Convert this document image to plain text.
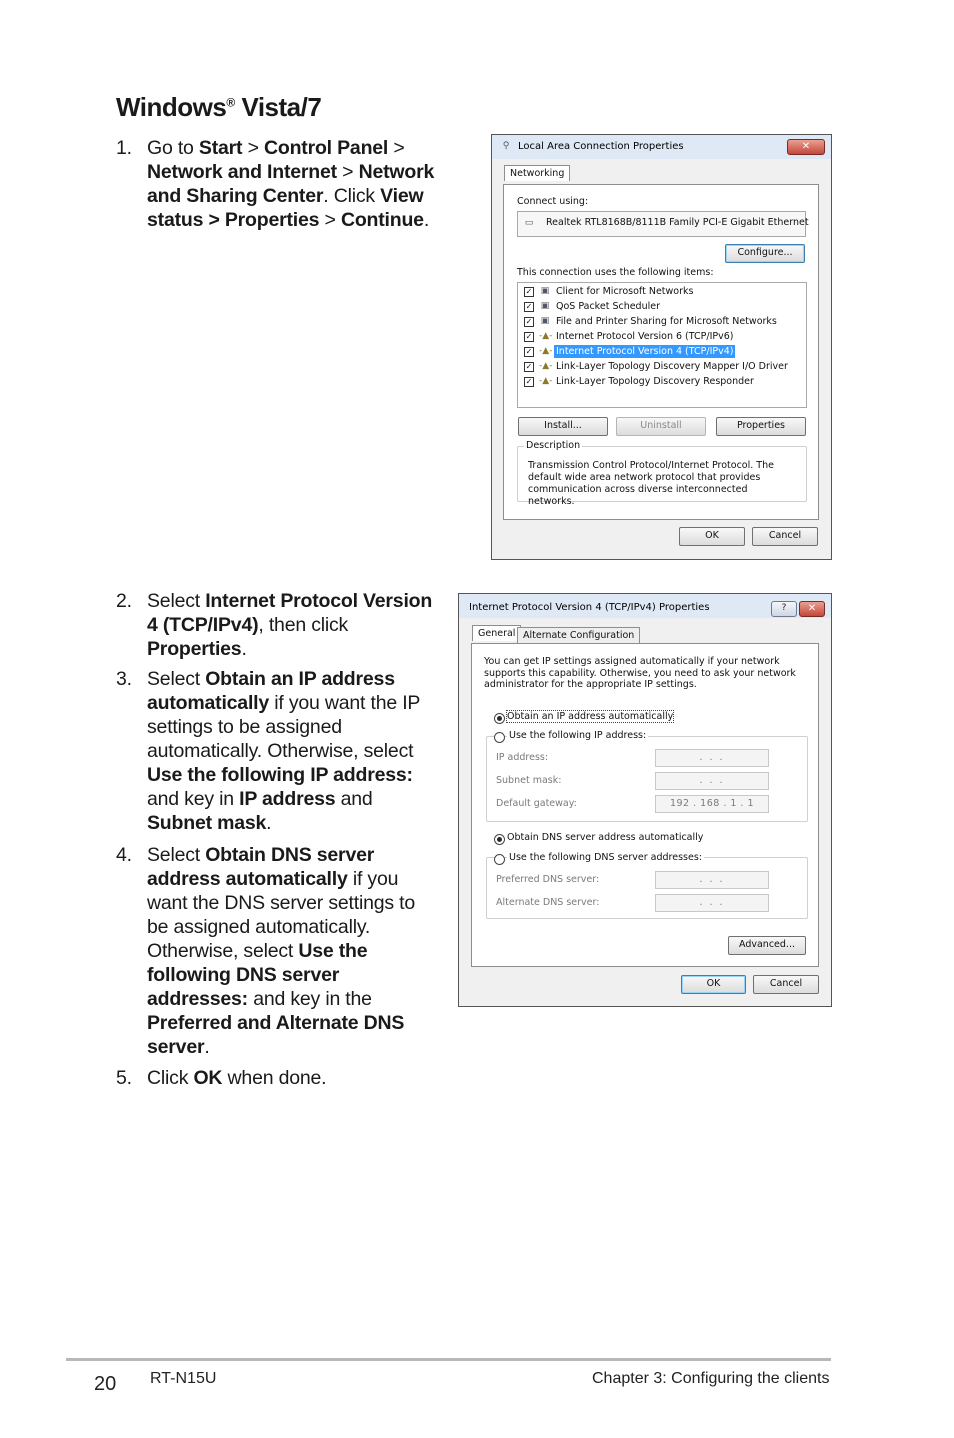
Windows® Vista/7
1. Go to Start > Control Panel > Network and Internet > Network and Sharing Center. Click View status > Properties > Continue.
2. Select Internet Protocol Version 4 (TCP/IPv4), then click Properties.
3. Select Obtain an IP address automatically if you want the IP settings to be assigned automatically. Otherwise, select Use the following IP address: and key in IP address and Subnet mask.
4. Select Obtain DNS server address automatically if you want the DNS server settings to be assigned automatically. Otherwise, select Use the following DNS server addresses: and key in the Preferred and Alternate DNS server.
5. Click OK when done.
⚲ Local Area Connection Properties	✕
Networking
Connect using:
▭ Realtek RTL8168B/8111B Family PCI-E Gigabit Ethernet
Configure...
This connection uses the following items:
✓ ▣ Client for Microsoft Networks
✓ ▣ QoS Packet Scheduler
✓ ▣ File and Printer Sharing for Microsoft Networks
✓ -▲- Internet Protocol Version 6 (TCP/IPv6)
✓ -▲- Internet Protocol Version 4 (TCP/IPv4)
✓ -▲- Link-Layer Topology Discovery Mapper I/O Driver
✓ -▲- Link-Layer Topology Discovery Responder
Install...	Uninstall	Properties
Description
Transmission Control Protocol/Internet Protocol. The default wide area network protocol that provides communication across diverse interconnected networks.
OK	Cancel
Internet Protocol Version 4 (TCP/IPv4) Properties	?	✕
General Alternate Configuration
You can get IP settings assigned automatically if your network supports this capability. Otherwise, you need to ask your network administrator for the appropriate IP settings.
Obtain an IP address automatically
Use the following IP address:
IP address:	. . .
Subnet mask:	. . .
Default gateway:	192 . 168 . 1 . 1
Obtain DNS server address automatically
Use the following DNS server addresses:
Preferred DNS server:	. . .
Alternate DNS server:	. . .
Advanced...
OK	Cancel
20 RT-N15U	Chapter 3: Configuring the clients
